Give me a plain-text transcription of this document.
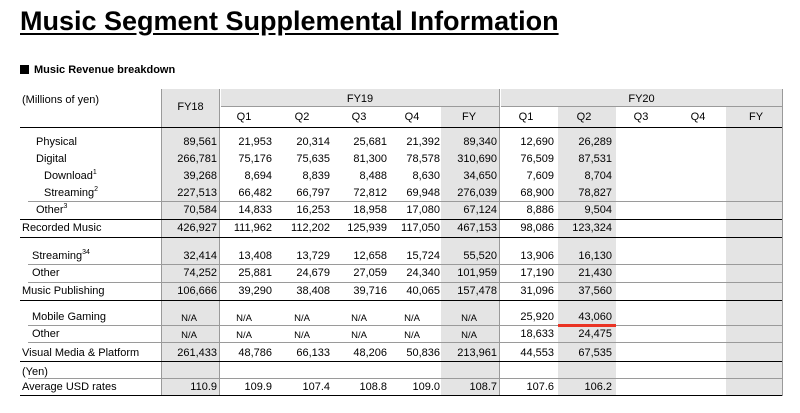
Music Segment Supplemental Information
Music Revenue breakdown
(Millions of yen)
FY18
FY19	FY20
Q1	Q2	Q3	Q4	FY	Q1	Q2	Q3	Q4	FY
Physical	89,561	21,953	20,314	25,681	21,392	89,340	12,690	26,289
Digital	266,781	75,176	75,635	81,300	78,578	310,690	76,509	87,531
Download$^1$	39,268	8,694	8,839	8,488	8,630	34,650	7,609	8,704
Streaming$^2$	227,513	66,482	66,797	72,812	69,948	276,039	68,900	78,827
Other$^3$	70,584	14,833	16,253	18,958	17,080	67,124	8,886	9,504
Recorded Music	426,927	111,962	112,202	125,939	117,050	467,153	98,086	123,324
Streaming$^{34}$	32,414	13,408	13,729	12,658	15,724	55,520	13,906	16,130
Other	74,252	25,881	24,679	27,059	24,340	101,959	17,190	21,430
Music Publishing	106,666	39,290	38,408	39,716	40,065	157,478	31,096	37,560
Mobile Gaming	N/A	N/A	N/A	N/A	N/A	N/A	25,920	43,060
Other	N/A	N/A	N/A	N/A	N/A	N/A	18,633	24,475
Visual Media & Platform	261,433	48,786	66,133	48,206	50,836	213,961	44,553	67,535
Average USD rates	110.9	109.9	107.4	108.8	109.0	108.7	107.6	106.2
(Yen)
